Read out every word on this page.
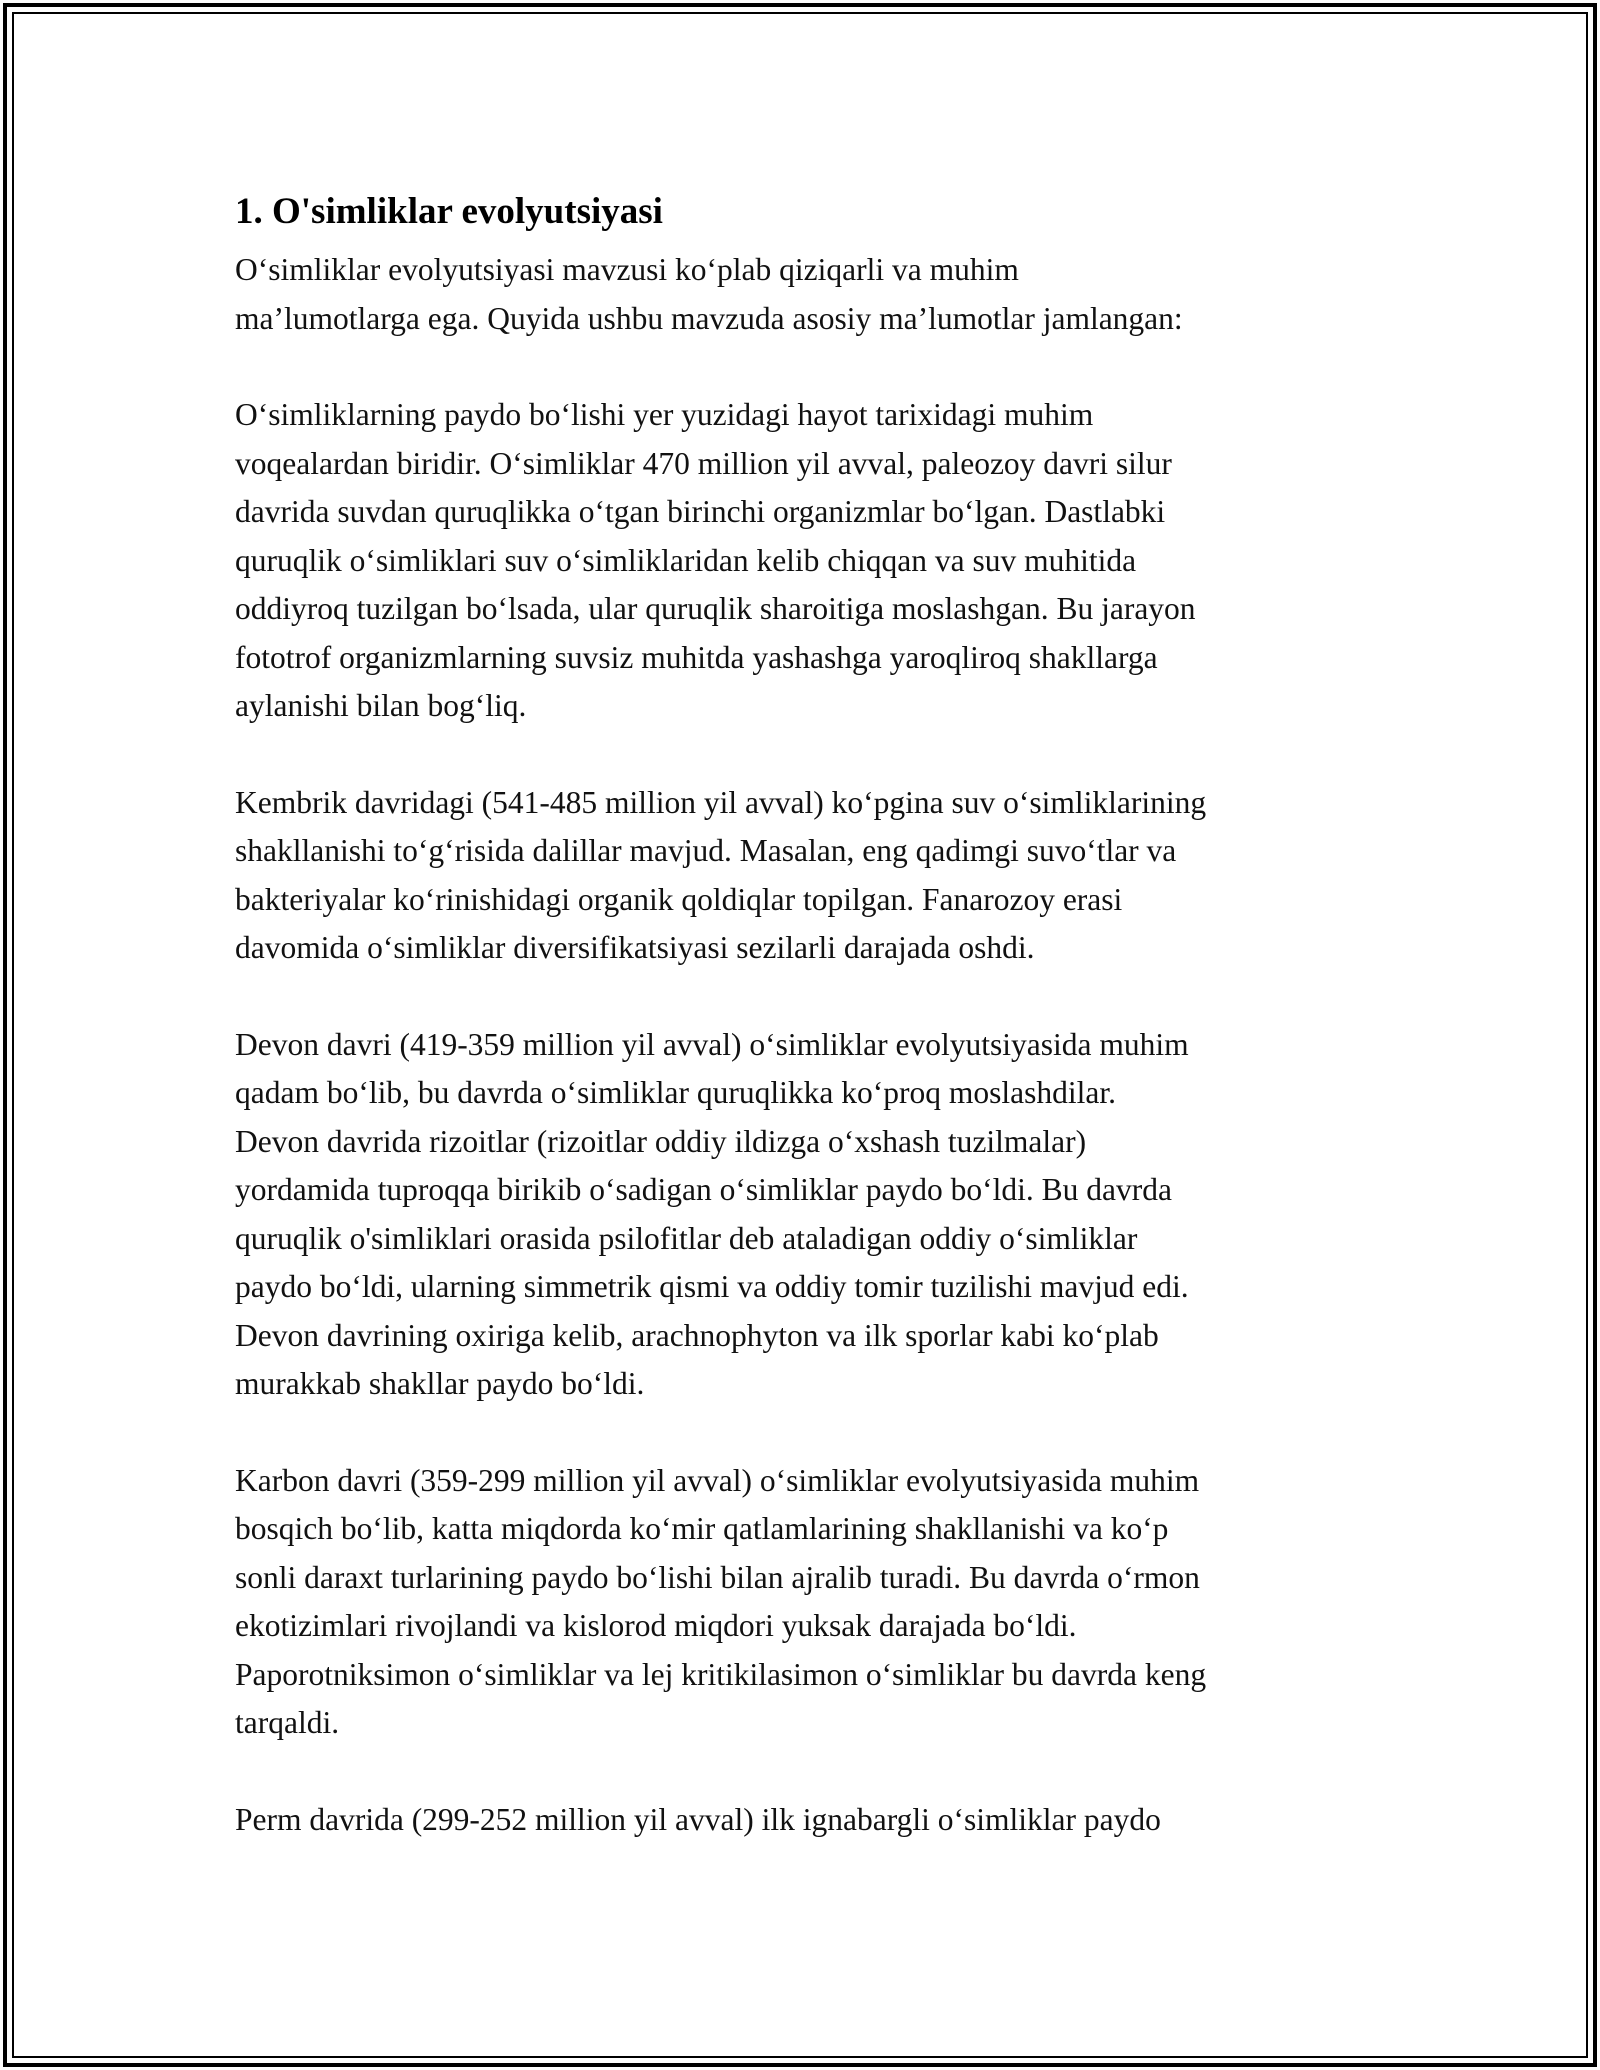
1. O'simliklar evolyutsiyasi
O‘simliklar evolyutsiyasi mavzusi ko‘plab qiziqarli va muhim
ma’lumotlarga ega. Quyida ushbu mavzuda asosiy ma’lumotlar jamlangan:
O‘simliklarning paydo bo‘lishi yer yuzidagi hayot tarixidagi muhim
voqealardan biridir. O‘simliklar 470 million yil avval, paleozoy davri silur
davrida suvdan quruqlikka o‘tgan birinchi organizmlar bo‘lgan. Dastlabki
quruqlik o‘simliklari suv o‘simliklaridan kelib chiqqan va suv muhitida
oddiyroq tuzilgan bo‘lsada, ular quruqlik sharoitiga moslashgan. Bu jarayon
fototrof organizmlarning suvsiz muhitda yashashga yaroqliroq shakllarga
aylanishi bilan bog‘liq.
Kembrik davridagi (541-485 million yil avval) ko‘pgina suv o‘simliklarining
shakllanishi to‘g‘risida dalillar mavjud. Masalan, eng qadimgi suvo‘tlar va
bakteriyalar ko‘rinishidagi organik qoldiqlar topilgan. Fanarozoy erasi
davomida o‘simliklar diversifikatsiyasi sezilarli darajada oshdi.
Devon davri (419-359 million yil avval) o‘simliklar evolyutsiyasida muhim
qadam bo‘lib, bu davrda o‘simliklar quruqlikka ko‘proq moslashdilar.
Devon davrida rizoitlar (rizoitlar oddiy ildizga o‘xshash tuzilmalar)
yordamida tuproqqa birikib o‘sadigan o‘simliklar paydo bo‘ldi. Bu davrda
quruqlik o'simliklari orasida psilofitlar deb ataladigan oddiy o‘simliklar
paydo bo‘ldi, ularning simmetrik qismi va oddiy tomir tuzilishi mavjud edi.
Devon davrining oxiriga kelib, arachnophyton va ilk sporlar kabi ko‘plab
murakkab shakllar paydo bo‘ldi.
Karbon davri (359-299 million yil avval) o‘simliklar evolyutsiyasida muhim
bosqich bo‘lib, katta miqdorda ko‘mir qatlamlarining shakllanishi va ko‘p
sonli daraxt turlarining paydo bo‘lishi bilan ajralib turadi. Bu davrda o‘rmon
ekotizimlari rivojlandi va kislorod miqdori yuksak darajada bo‘ldi.
Paporotniksimon o‘simliklar va lej kritikilasimon o‘simliklar bu davrda keng
tarqaldi.
Perm davrida (299-252 million yil avval) ilk ignabargli o‘simliklar paydo
